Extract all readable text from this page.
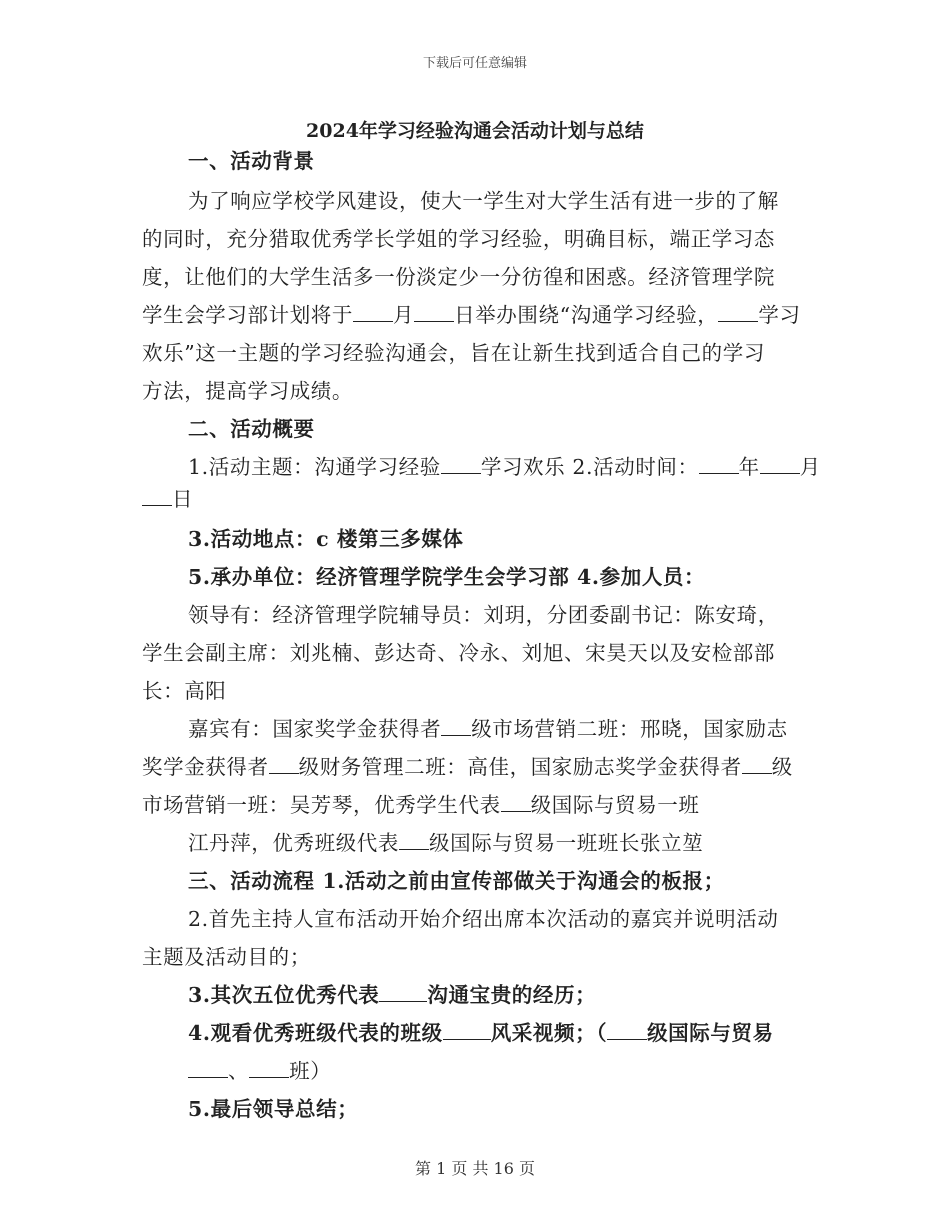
下载后可任意编辑
2024年学习经验沟通会活动计划与总结
一、活动背景
为了响应学校学风建设，使大一学生对大学生活有进一步的了解
的同时，充分猎取优秀学长学姐的学习经验，明确目标，端正学习态
度，让他们的大学生活多一份淡定少一分彷徨和困惑。经济管理学院
学生会学习部计划将于 月 日举办围绕“沟通学习经验， 学习
欢乐”这一主题的学习经验沟通会，旨在让新生找到适合自己的学习
方法，提高学习成绩。
二、活动概要
1.活动主题：沟通学习经验 学习欢乐 2.活动时间： 年 月
日
3.活动地点：c 楼第三多媒体
5.承办单位：经济管理学院学生会学习部 4.参加人员：
领导有：经济管理学院辅导员：刘玥，分团委副书记：陈安琦，
学生会副主席：刘兆楠、彭达奇、冷永、刘旭、宋昊天以及安检部部
长：高阳
嘉宾有：国家奖学金获得者 级市场营销二班：邢晓，国家励志
奖学金获得者 级财务管理二班：高佳，国家励志奖学金获得者 级
市场营销一班：吴芳琴，优秀学生代表 级国际与贸易一班
江丹萍，优秀班级代表 级国际与贸易一班班长张立堃
三、活动流程 1.活动之前由宣传部做关于沟通会的板报；
2.首先主持人宣布活动开始介绍出席本次活动的嘉宾并说明活动
主题及活动目的；
3.其次五位优秀代表 沟通宝贵的经历；
4.观看优秀班级代表的班级 风采视频；（ 级国际与贸易
、 班）
5.最后领导总结；
第 1 页 共 16 页
